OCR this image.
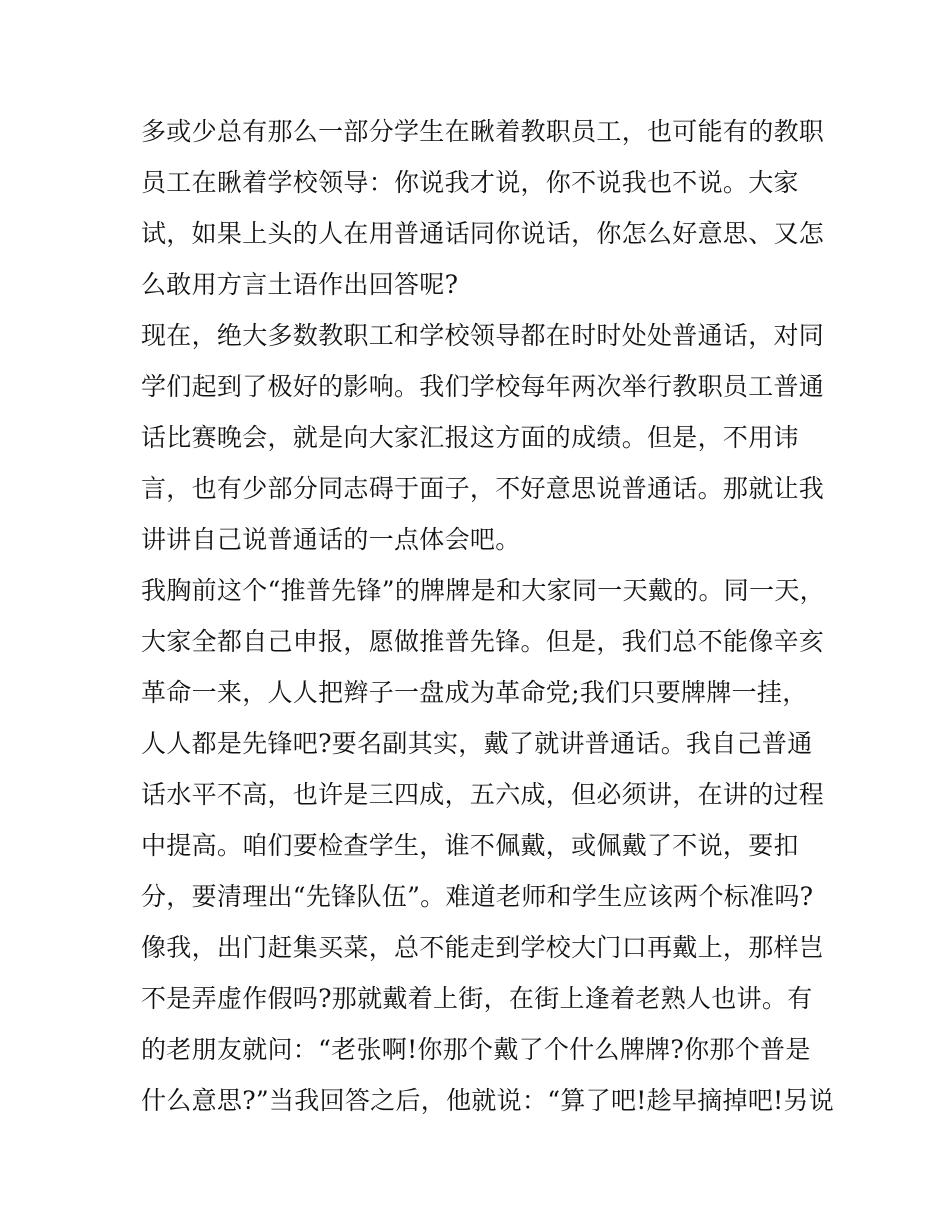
多或少总有那么一部分学生在瞅着教职员工，也可能有的教职
员工在瞅着学校领导：你说我才说，你不说我也不说。大家
试，如果上头的人在用普通话同你说话，你怎么好意思、又怎
么敢用方言土语作出回答呢?
现在，绝大多数教职工和学校领导都在时时处处普通话，对同
学们起到了极好的影响。我们学校每年两次举行教职员工普通
话比赛晚会，就是向大家汇报这方面的成绩。但是，不用讳
言，也有少部分同志碍于面子，不好意思说普通话。那就让我
讲讲自己说普通话的一点体会吧。
我胸前这个“推普先锋”的牌牌是和大家同一天戴的。同一天，
大家全都自己申报，愿做推普先锋。但是，我们总不能像辛亥
革命一来，人人把辫子一盘成为革命党;我们只要牌牌一挂，
人人都是先锋吧?要名副其实，戴了就讲普通话。我自己普通
话水平不高，也许是三四成，五六成，但必须讲，在讲的过程
中提高。咱们要检查学生，谁不佩戴，或佩戴了不说，要扣
分，要清理出“先锋队伍”。难道老师和学生应该两个标准吗?
像我，出门赶集买菜，总不能走到学校大门口再戴上，那样岂
不是弄虚作假吗?那就戴着上街，在街上逢着老熟人也讲。有
的老朋友就问：“老张啊!你那个戴了个什么牌牌?你那个普是
什么意思?”当我回答之后，他就说：“算了吧!趁早摘掉吧!另说
